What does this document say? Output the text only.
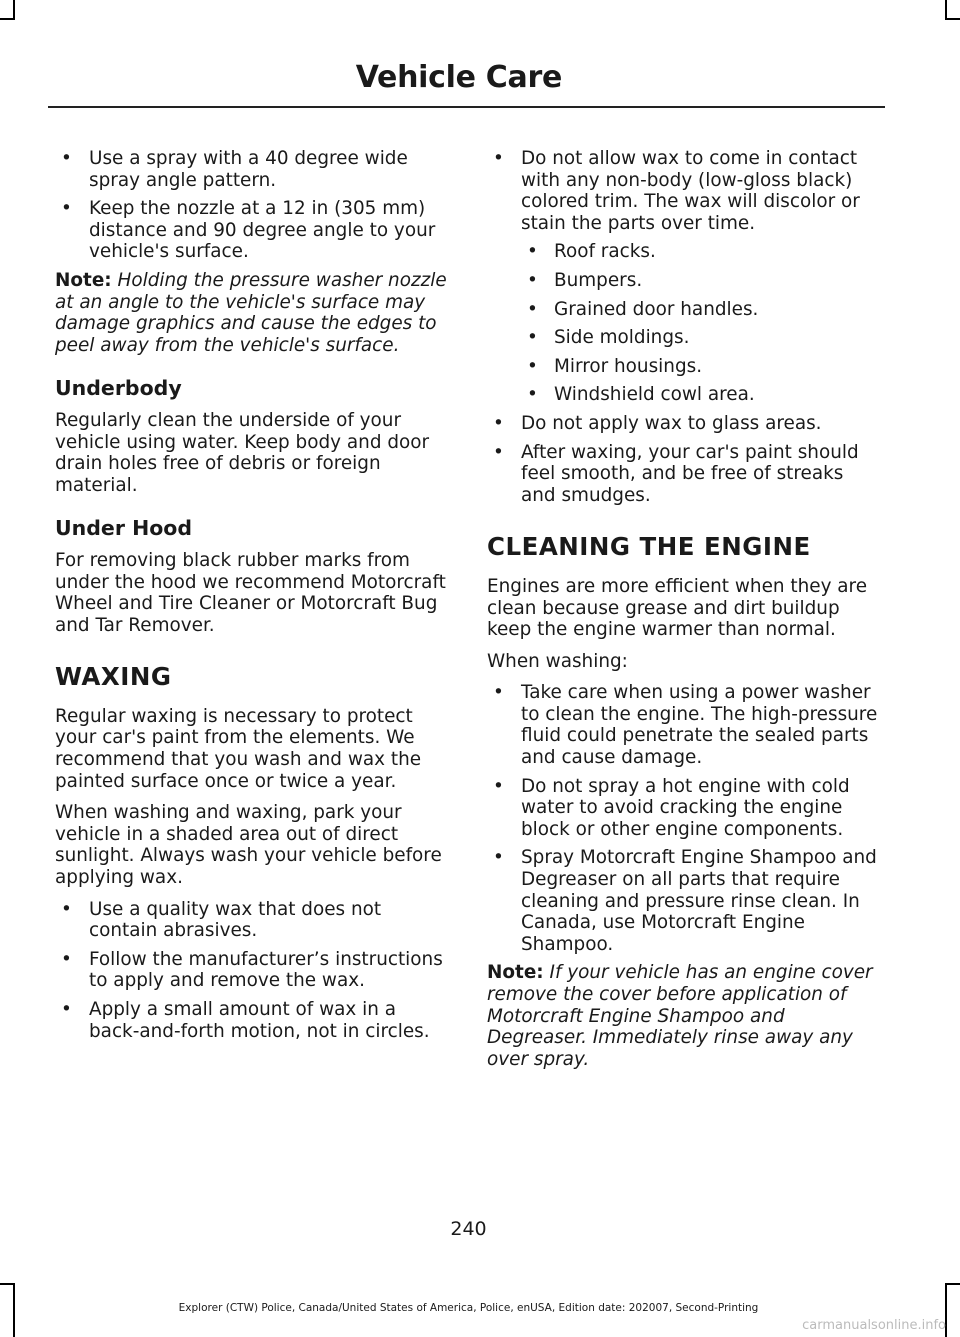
Vehicle Care
• Use a spray with a 40 degree wide spray angle pattern.
• Keep the nozzle at a 12 in (305 mm) distance and 90 degree angle to your vehicle's surface.

Note: Holding the pressure washer nozzle at an angle to the vehicle's surface may damage graphics and cause the edges to peel away from the vehicle's surface.

Underbody

Regularly clean the underside of your vehicle using water. Keep body and door drain holes free of debris or foreign material.

Under Hood

For removing black rubber marks from under the hood we recommend Motorcraft Wheel and Tire Cleaner or Motorcraft Bug and Tar Remover.

WAXING

Regular waxing is necessary to protect your car's paint from the elements. We recommend that you wash and wax the painted surface once or twice a year.

When washing and waxing, park your vehicle in a shaded area out of direct sunlight. Always wash your vehicle before applying wax.

• Use a quality wax that does not contain abrasives.
• Follow the manufacturer’s instructions to apply and remove the wax.
• Apply a small amount of wax in a back-and-forth motion, not in circles.
• Do not allow wax to come in contact with any non-body (low-gloss black) colored trim. The wax will discolor or stain the parts over time.
• Roof racks.
• Bumpers.
• Grained door handles.
• Side moldings.
• Mirror housings.
• Windshield cowl area.
• Do not apply wax to glass areas.
• After waxing, your car's paint should feel smooth, and be free of streaks and smudges.
CLEANING THE ENGINE

Engines are more efficient when they are clean because grease and dirt buildup keep the engine warmer than normal.

When washing:

• Take care when using a power washer to clean the engine. The high-pressure fluid could penetrate the sealed parts and cause damage.
• Do not spray a hot engine with cold water to avoid cracking the engine block or other engine components.
• Spray Motorcraft Engine Shampoo and Degreaser on all parts that require cleaning and pressure rinse clean. In Canada, use Motorcraft Engine Shampoo.

Note: If your vehicle has an engine cover remove the cover before application of Motorcraft Engine Shampoo and Degreaser. Immediately rinse away any over spray.

240
Explorer (CTW) Police, Canada/United States of America, Police, enUSA, Edition date: 202007, Second-Printing
carmanualsonline.info
